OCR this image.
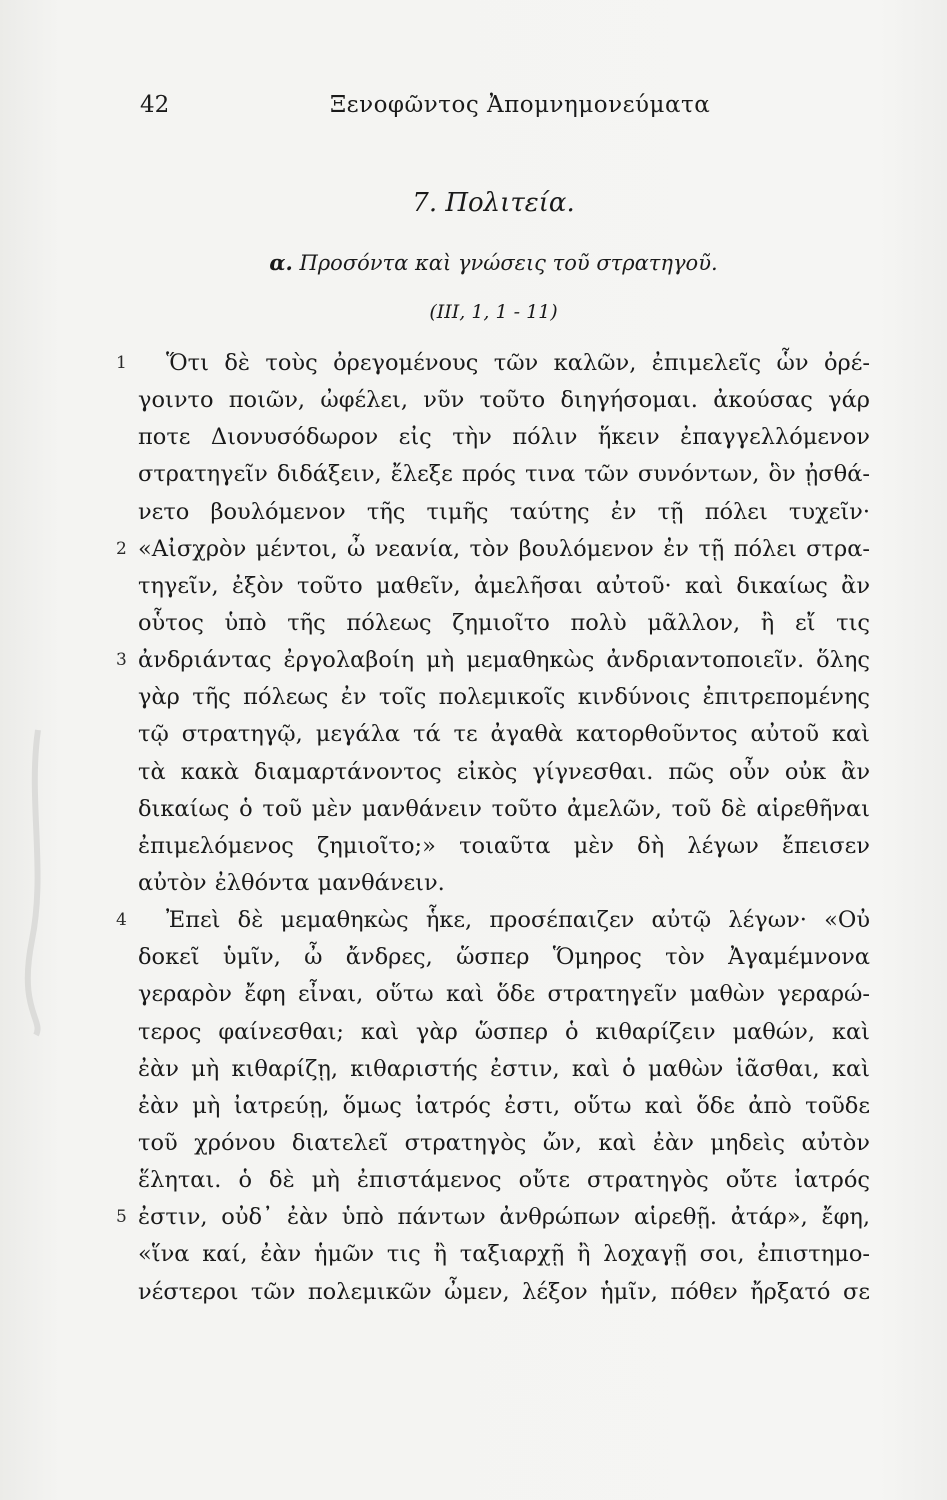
42	Ξενοφῶντος Ἀπομνημονεύματα
7. Πολιτεία.
α. Προσόντα καὶ γνώσεις τοῦ στρατηγοῦ.
(III, 1, 1 - 11)
1 Ὅτι δὲ τοὺς ὀρεγομένους τῶν καλῶν, ἐπιμελεῖς ὧν ὀρέ-
γοιντο ποιῶν, ὠφέλει, νῦν τοῦτο διηγήσομαι. ἀκούσας γάρ
ποτε Διονυσόδωρον εἰς τὴν πόλιν ἥκειν ἐπαγγελλόμενον
στρατηγεῖν διδάξειν, ἔλεξε πρός τινα τῶν συνόντων, ὃν ᾐσθά-
νετο βουλόμενον τῆς τιμῆς ταύτης ἐν τῇ πόλει τυχεῖν·
2 «Αἰσχρὸν μέντοι, ὦ νεανία, τὸν βουλόμενον ἐν τῇ πόλει στρα-
τηγεῖν, ἐξὸν τοῦτο μαθεῖν, ἀμελῆσαι αὐτοῦ· καὶ δικαίως ἂν
οὗτος ὑπὸ τῆς πόλεως ζημιοῖτο πολὺ μᾶλλον, ἢ εἴ τις
3 ἀνδριάντας ἐργολαβοίη μὴ μεμαθηκὼς ἀνδριαντοποιεῖν. ὅλης
γὰρ τῆς πόλεως ἐν τοῖς πολεμικοῖς κινδύνοις ἐπιτρεπομένης
τῷ στρατηγῷ, μεγάλα τά τε ἀγαθὰ κατορθοῦντος αὐτοῦ καὶ
τὰ κακὰ διαμαρτάνοντος εἰκὸς γίγνεσθαι. πῶς οὖν οὐκ ἂν
δικαίως ὁ τοῦ μὲν μανθάνειν τοῦτο ἀμελῶν, τοῦ δὲ αἱρεθῆναι
ἐπιμελόμενος ζημιοῖτο;» τοιαῦτα μὲν δὴ λέγων ἔπεισεν
αὐτὸν ἐλθόντα μανθάνειν.
4 Ἐπεὶ δὲ μεμαθηκὼς ἧκε, προσέπαιζεν αὐτῷ λέγων· «Οὐ
δοκεῖ ὑμῖν, ὦ ἄνδρες, ὥσπερ Ὅμηρος τὸν Ἀγαμέμνονα
γεραρὸν ἔφη εἶναι, οὕτω καὶ ὅδε στρατηγεῖν μαθὼν γεραρώ-
τερος φαίνεσθαι; καὶ γὰρ ὥσπερ ὁ κιθαρίζειν μαθών, καὶ
ἐὰν μὴ κιθαρίζῃ, κιθαριστής ἐστιν, καὶ ὁ μαθὼν ἰᾶσθαι, καὶ
ἐὰν μὴ ἰατρεύῃ, ὅμως ἰατρός ἐστι, οὕτω καὶ ὅδε ἀπὸ τοῦδε
τοῦ χρόνου διατελεῖ στρατηγὸς ὤν, καὶ ἐὰν μηδεὶς αὐτὸν
ἕληται. ὁ δὲ μὴ ἐπιστάμενος οὔτε στρατηγὸς οὔτε ἰατρός
5 ἐστιν, οὐδ᾽ ἐὰν ὑπὸ πάντων ἀνθρώπων αἱρεθῇ. ἀτάρ», ἔφη,
«ἵνα καί, ἐὰν ἡμῶν τις ἢ ταξιαρχῇ ἢ λοχαγῇ σοι, ἐπιστημο-
νέστεροι τῶν πολεμικῶν ὦμεν, λέξον ἡμῖν, πόθεν ἤρξατό σε
